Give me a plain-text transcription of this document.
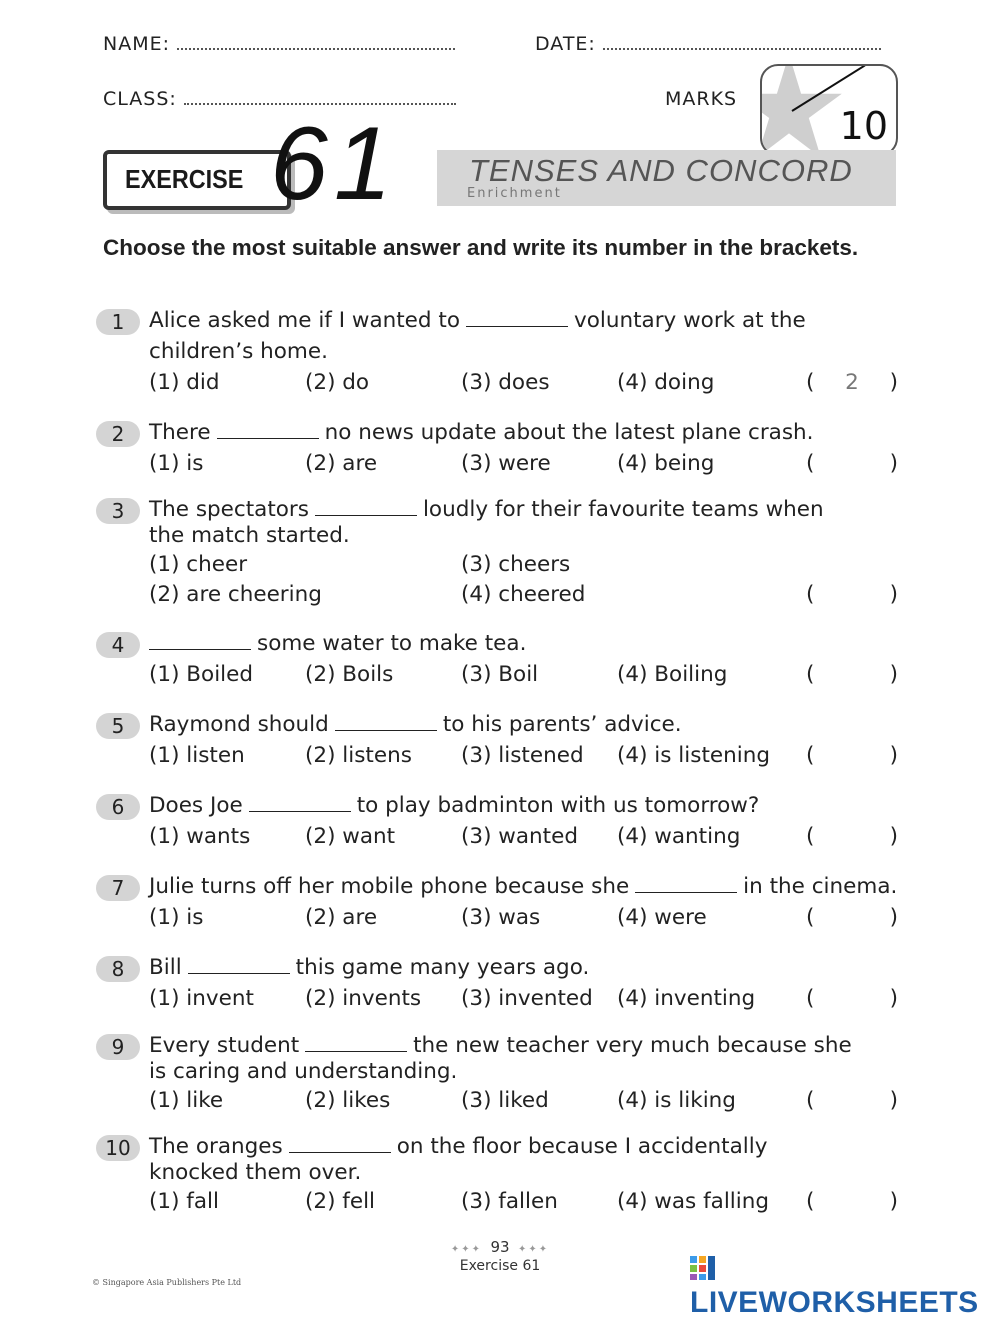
NAME:	DATE:
CLASS:	MARKS
10
EXERCISE 61 TENSES AND CONCORD
Enrichment
Choose the most suitable answer and write its number in the brackets.
1	Alice asked me if I wanted to	voluntary work at the
children’s home.
(1) did	(2) do	(3) does	(4) doing	( 2 )
2	There	no news update about the latest plane crash.
(1) is	(2) are	(3) were	(4) being	(	)
3	The spectators	loudly for their favourite teams when
the match started.
(1) cheer	(3) cheers
(2) are cheering	(4) cheered	(	)
4	some water to make tea.
(1) Boiled (2) Boils	(3) Boil	(4) Boiling	(	)
5	Raymond should	to his parents’ advice.
(1) listen	(2) listens (3) listened (4) is listening (	)
6	Does Joe	to play badminton with us tomorrow?
(1) wants	(2) want	(3) wanted (4) wanting	(	)
7	Julie turns off her mobile phone because she	in the cinema.
(1) is	(2) are	(3) was	(4) were	(	)
8	Bill	this game many years ago.
(1) invent (2) invents (3) invented (4) inventing (	)
9	Every student	the new teacher very much because she
is caring and understanding.
(1) like	(2) likes	(3) liked	(4) is liking	(	)
10 The oranges	on the floor because I accidentally
knocked them over.
(1) fall	(2) fell	(3) fallen	(4) was falling (	)
✦✦✦ 93 ✦✦✦
Exercise 61
© Singapore Asia Publishers Pte Ltd
LIVEWORKSHEETS
